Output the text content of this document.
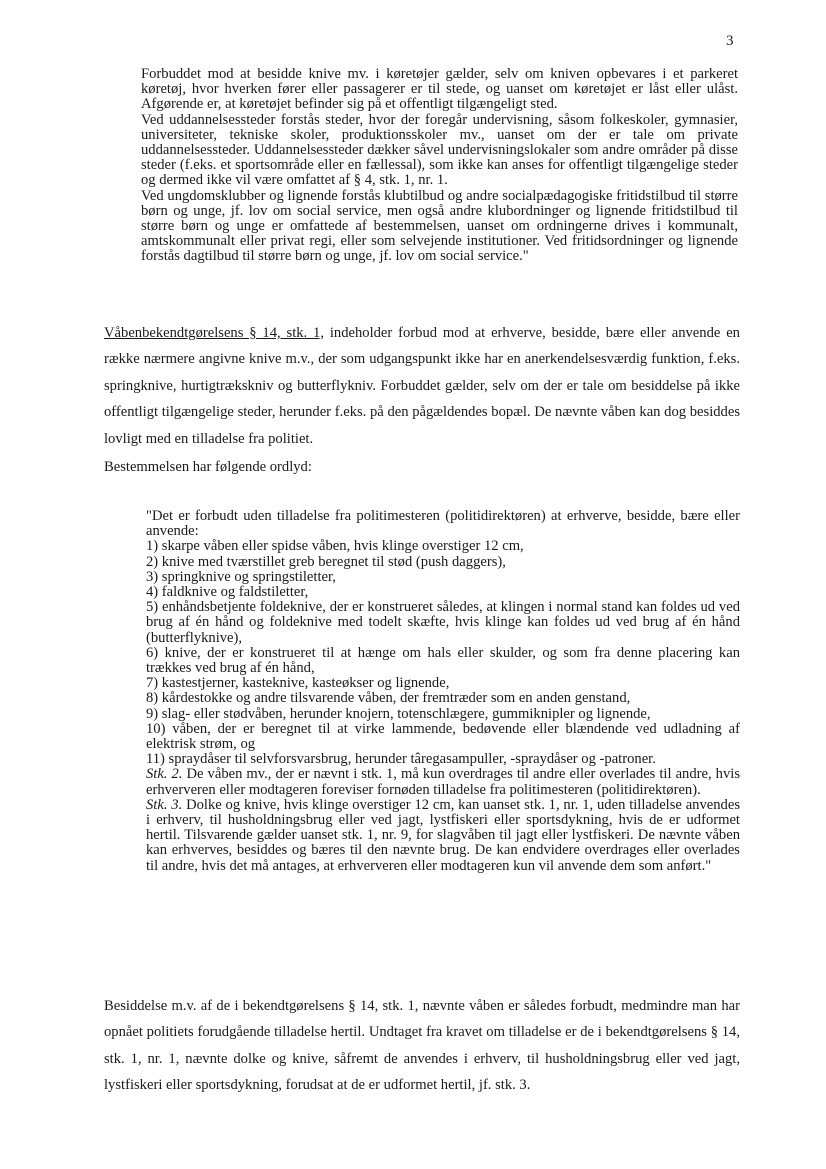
3
Forbuddet mod at besidde knive mv. i køretøjer gælder, selv om kniven opbevares i et parkeret køretøj, hvor hverken fører eller passagerer er til stede, og uanset om køretøjet er låst eller ulåst. Afgørende er, at køretøjet befinder sig på et offentligt tilgængeligt sted.
Ved uddannelsessteder forstås steder, hvor der foregår undervisning, såsom folkeskoler, gymnasier, universiteter, tekniske skoler, produktionsskoler mv., uanset om der er tale om private uddannelsessteder. Uddannelsessteder dækker såvel undervisningslokaler som andre områder på disse steder (f.eks. et sportsområde eller en fællessal), som ikke kan anses for offentligt tilgængelige steder og dermed ikke vil være omfattet af § 4, stk. 1, nr. 1.
Ved ungdomsklubber og lignende forstås klubtilbud og andre socialpædagogiske fritidstilbud til større børn og unge, jf. lov om social service, men også andre klubordninger og lignende fritidstilbud til større børn og unge er omfattede af bestemmelsen, uanset om ordningerne drives i kommunalt, amtskommunalt eller privat regi, eller som selvejende institutioner. Ved fritidsordninger og lignende forstås dagtilbud til større børn og unge, jf. lov om social service."
Våbenbekendtgørelsens § 14, stk. 1, indeholder forbud mod at erhverve, besidde, bære eller anvende en række nærmere angivne knive m.v., der som udgangspunkt ikke har en anerkendelsesværdig funktion, f.eks. springknive, hurtigtrækskniv og butterflykniv. Forbuddet gælder, selv om der er tale om besiddelse på ikke offentligt tilgængelige steder, herunder f.eks. på den pågældendes bopæl. De nævnte våben kan dog besiddes lovligt med en tilladelse fra politiet.
Bestemmelsen har følgende ordlyd:
"Det er forbudt uden tilladelse fra politimesteren (politidirektøren) at erhverve, besidde, bære eller anvende:
1) skarpe våben eller spidse våben, hvis klinge overstiger 12 cm,
2) knive med tværstillet greb beregnet til stød (push daggers),
3) springknive og springstiletter,
4) faldknive og faldstiletter,
5) enhåndsbetjente foldeknive, der er konstrueret således, at klingen i normal stand kan foldes ud ved brug af én hånd og foldeknive med todelt skæfte, hvis klinge kan foldes ud ved brug af én hånd (butterflyknive),
6) knive, der er konstrueret til at hænge om hals eller skulder, og som fra denne placering kan trækkes ved brug af én hånd,
7) kastestjerner, kasteknive, kasteøkser og lignende,
8) kårdestokke og andre tilsvarende våben, der fremtræder som en anden genstand,
9) slag- eller stødvåben, herunder knojern, totenschlægere, gummiknipler og lignende,
10) våben, der er beregnet til at virke lammende, bedøvende eller blændende ved udladning af elektrisk strøm, og
11) spraydåser til selvforsvarsbrug, herunder târegasampuller, -spraydåser og -patroner.
Stk. 2. De våben mv., der er nævnt i stk. 1, må kun overdrages til andre eller overlades til andre, hvis erhververen eller modtageren foreviser fornøden tilladelse fra politimesteren (politidirektøren).
Stk. 3. Dolke og knive, hvis klinge overstiger 12 cm, kan uanset stk. 1, nr. 1, uden tilladelse anvendes i erhverv, til husholdningsbrug eller ved jagt, lystfiskeri eller sportsdykning, hvis de er udformet hertil. Tilsvarende gælder uanset stk. 1, nr. 9, for slagvåben til jagt eller lystfiskeri. De nævnte våben kan erhverves, besiddes og bæres til den nævnte brug. De kan endvidere overdrages eller overlades til andre, hvis det må antages, at erhververen eller modtageren kun vil anvende dem som anført."
Besiddelse m.v. af de i bekendtgørelsens § 14, stk. 1, nævnte våben er således forbudt, medmindre man har opnået politiets forudgående tilladelse hertil. Undtaget fra kravet om tilladelse er de i bekendtgørelsens § 14, stk. 1, nr. 1, nævnte dolke og knive, såfremt de anvendes i erhverv, til husholdningsbrug eller ved jagt, lystfiskeri eller sportsdykning, forudsat at de er udformet hertil, jf. stk. 3.
